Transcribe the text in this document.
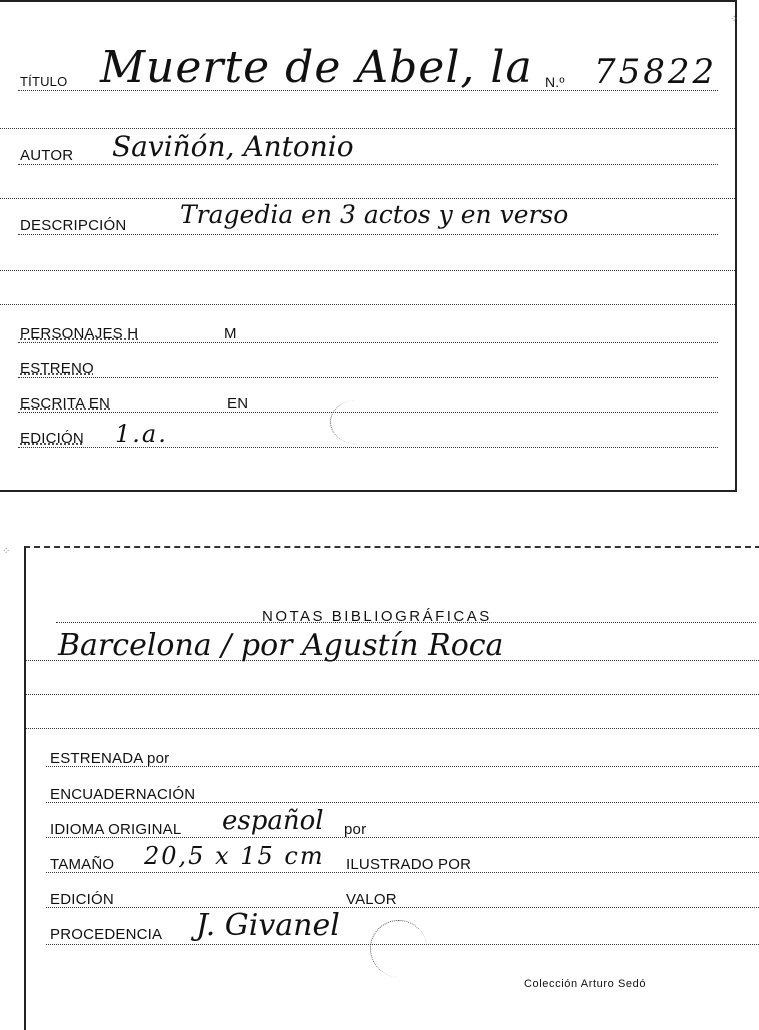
TÍTULO Muerte de Abel, la N.º 75822
AUTOR Saviñón, Antonio
DESCRIPCIÓN Tragedia en 3 actos y en verso
PERSONAJES H	M
ESTRENO
ESCRITA EN	EN
EDICIÓN 1.a.
NOTAS BIBLIOGRÁFICAS
Barcelona / por Agustín Roca
ESTRENADA por
ENCUADERNACIÓN
IDIOMA ORIGINAL español por
TAMAÑO 20,5 x 15 cm ILUSTRADO POR
EDICIÓN	VALOR
PROCEDENCIA J. Givanel
Colección Arturo Sedó
⁘
⁘
